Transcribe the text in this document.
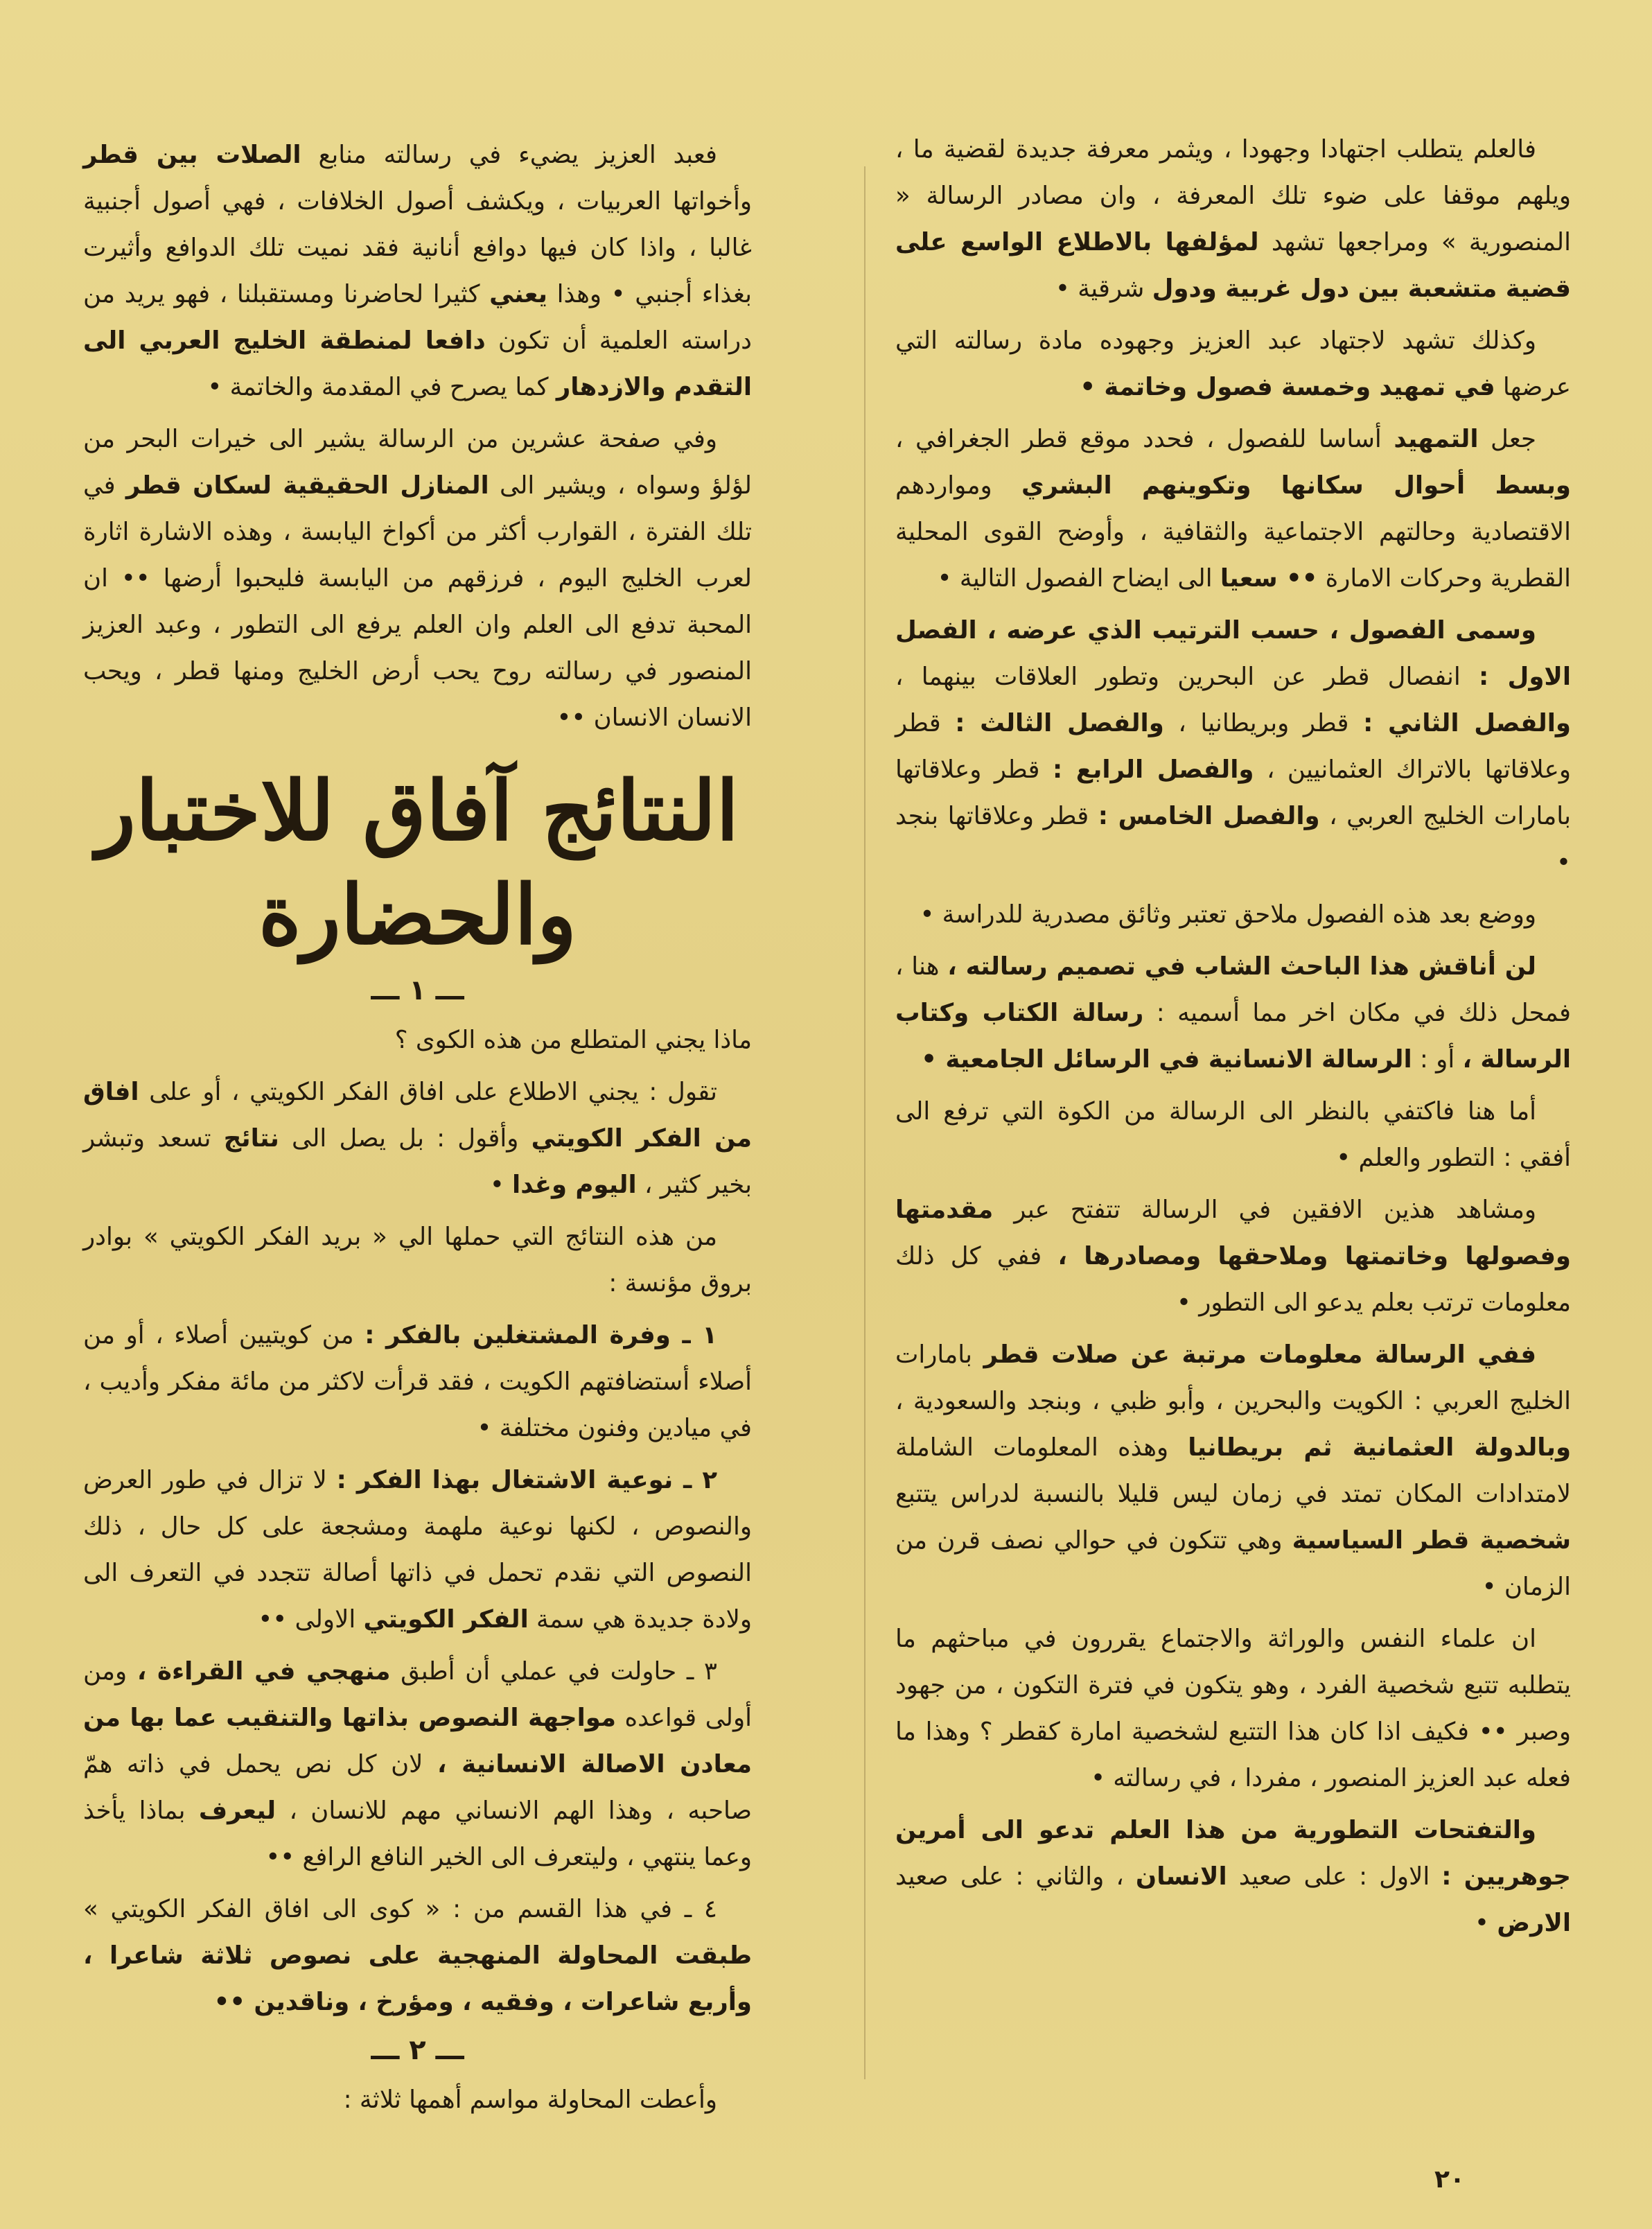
فالعلم يتطلب اجتهادا وجهودا ، ويثمر معرفة جديدة لقضية ما ، ويلهم موقفا على ضوء تلك المعرفة ، وان مصادر الرسالة « المنصورية » ومراجعها تشهد لمؤلفها بالاطلاع الواسع على قضية متشعبة بين دول غربية ودول شرقية •

وكذلك تشهد لاجتهاد عبد العزيز وجهوده مادة رسالته التي عرضها في تمهيد وخمسة فصول وخاتمة •

جعل التمهيد أساسا للفصول ، فحدد موقع قطر الجغرافي ، وبسط أحوال سكانها وتكوينهم البشري ومواردهم الاقتصادية وحالتهم الاجتماعية والثقافية ، وأوضح القوى المحلية القطرية وحركات الامارة •• سعيا الى ايضاح الفصول التالية •

وسمى الفصول ، حسب الترتيب الذي عرضه ، الفصل الاول : انفصال قطر عن البحرين وتطور العلاقات بينهما ، والفصل الثاني : قطر وبريطانيا ، والفصل الثالث : قطر وعلاقاتها بالاتراك العثمانيين ، والفصل الرابع : قطر وعلاقاتها بامارات الخليج العربي ، والفصل الخامس : قطر وعلاقاتها بنجد •

ووضع بعد هذه الفصول ملاحق تعتبر وثائق مصدرية للدراسة •

لن أناقش هذا الباحث الشاب في تصميم رسالته ، هنا ، فمحل ذلك في مكان اخر مما أسميه : رسالة الكتاب وكتاب الرسالة ، أو : الرسالة الانسانية في الرسائل الجامعية •

أما هنا فاكتفي بالنظر الى الرسالة من الكوة التي ترفع الى أفقي : التطور والعلم •

ومشاهد هذين الافقين في الرسالة تتفتح عبر مقدمتها وفصولها وخاتمتها وملاحقها ومصادرها ، ففي كل ذلك معلومات ترتب بعلم يدعو الى التطور •

ففي الرسالة معلومات مرتبة عن صلات قطر بامارات الخليج العربي : الكويت والبحرين ، وأبو ظبي ، وبنجد والسعودية ، وبالدولة العثمانية ثم بريطانيا وهذه المعلومات الشاملة لامتدادات المكان تمتد في زمان ليس قليلا بالنسبة لدراس يتتبع شخصية قطر السياسية وهي تتكون في حوالي نصف قرن من الزمان •

ان علماء النفس والوراثة والاجتماع يقررون في مباحثهم ما يتطلبه تتبع شخصية الفرد ، وهو يتكون في فترة التكون ، من جهود وصبر •• فكيف اذا كان هذا التتبع لشخصية امارة كقطر ؟ وهذا ما فعله عبد العزيز المنصور ، مفردا ، في رسالته •

والتفتحات التطورية من هذا العلم تدعو الى أمرين جوهريين : الاول : على صعيد الانسان ، والثاني : على صعيد الارض •

فعبد العزيز يضيء في رسالته منابع الصلات بين قطر وأخواتها العربيات ، ويكشف أصول الخلافات ، فهي أصول أجنبية غالبا ، واذا كان فيها دوافع أنانية فقد نميت تلك الدوافع وأثيرت بغذاء أجنبي • وهذا يعني كثيرا لحاضرنا ومستقبلنا ، فهو يريد من دراسته العلمية أن تكون دافعا لمنطقة الخليج العربي الى التقدم والازدهار كما يصرح في المقدمة والخاتمة •

وفي صفحة عشرين من الرسالة يشير الى خيرات البحر من لؤلؤ وسواه ، ويشير الى المنازل الحقيقية لسكان قطر في تلك الفترة ، القوارب أكثر من أكواخ اليابسة ، وهذه الاشارة اثارة لعرب الخليج اليوم ، فرزقهم من اليابسة فليحبوا أرضها •• ان المحبة تدفع الى العلم وان العلم يرفع الى التطور ، وعبد العزيز المنصور في رسالته روح يحب أرض الخليج ومنها قطر ، ويحب الانسان الانسان ••

النتائج آفاق للاختبار والحضارة
ـــ ١ ـــ

ماذا يجني المتطلع من هذه الكوى ؟

تقول : يجني الاطلاع على افاق الفكر الكويتي ، أو على افاق من الفكر الكويتي وأقول : بل يصل الى نتائج تسعد وتبشر بخير كثير ، اليوم وغدا •

من هذه النتائج التي حملها الي « بريد الفكر الكويتي » بوادر بروق مؤنسة :

١ ـ وفرة المشتغلين بالفكر : من كويتيين أصلاء ، أو من أصلاء أستضافتهم الكويت ، فقد قرأت لاكثر من مائة مفكر وأديب ، في ميادين وفنون مختلفة •

٢ ـ نوعية الاشتغال بهذا الفكر : لا تزال في طور العرض والنصوص ، لكنها نوعية ملهمة ومشجعة على كل حال ، ذلك النصوص التي نقدم تحمل في ذاتها أصالة تتجدد في التعرف الى ولادة جديدة هي سمة الفكر الكويتي الاولى ••

٣ ـ حاولت في عملي أن أطبق منهجي في القراءة ، ومن أولى قواعده مواجهة النصوص بذاتها والتنقيب عما بها من معادن الاصالة الانسانية ، لان كل نص يحمل في ذاته همّ صاحبه ، وهذا الهم الانساني مهم للانسان ، ليعرف بماذا يأخذ وعما ينتهي ، وليتعرف الى الخير النافع الرافع ••

٤ ـ في هذا القسم من : « كوى الى افاق الفكر الكويتي » طبقت المحاولة المنهجية على نصوص ثلاثة شاعرا ، وأربع شاعرات ، وفقيه ، ومؤرخ ، وناقدين ••

ـــ ٢ ـــ

وأعطت المحاولة مواسم أهمها ثلاثة :

٢٠
